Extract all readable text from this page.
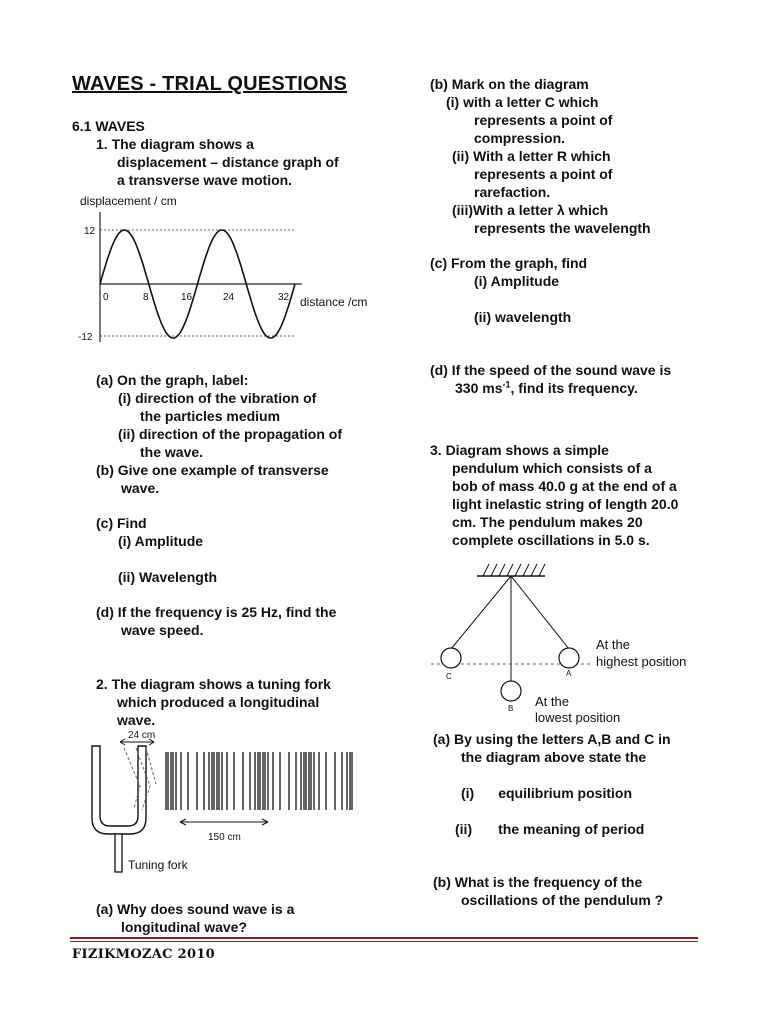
WAVES - TRIAL QUESTIONS
6.1 WAVES
1. The diagram shows a
displacement – distance graph of
a transverse wave motion.
displacement / cm
12
-12
0	8	16	24	32 distance /cm
(a) On the graph, label:
(i) direction of the vibration of
the particles medium
(ii) direction of the propagation of
the wave.
(b) Give one example of transverse
wave.
(c) Find
(i) Amplitude
(ii) Wavelength
(d) If the frequency is 25 Hz, find the
wave speed.
2. The diagram shows a tuning fork
which produced a longitudinal
wave.
24 cm
150 cm
Tuning fork
(a) Why does sound wave is a
longitudinal wave?
(b) Mark on the diagram
(i) with a letter C which
represents a point of
compression.
(ii) With a letter R which
represents a point of
rarefaction.
(iii)With a letter λ which
represents the wavelength
(c) From the graph, find
(i) Amplitude
(ii) wavelength
(d) If the speed of the sound wave is
330 $ms^{-1}$, find its frequency.
3. Diagram shows a simple
pendulum which consists of a
bob of mass 40.0 g at the end of a
light inelastic string of length 20.0
cm. The pendulum makes 20
complete oscillations in 5.0 s.
C	A
B
At the
highest position
At the
lowest position
(a) By using the letters A,B and C in
the diagram above state the
(i) equilibrium position
(ii) the meaning of period
(b) What is the frequency of the
oscillations of the pendulum ?
FIZIKMOZAC 2010
